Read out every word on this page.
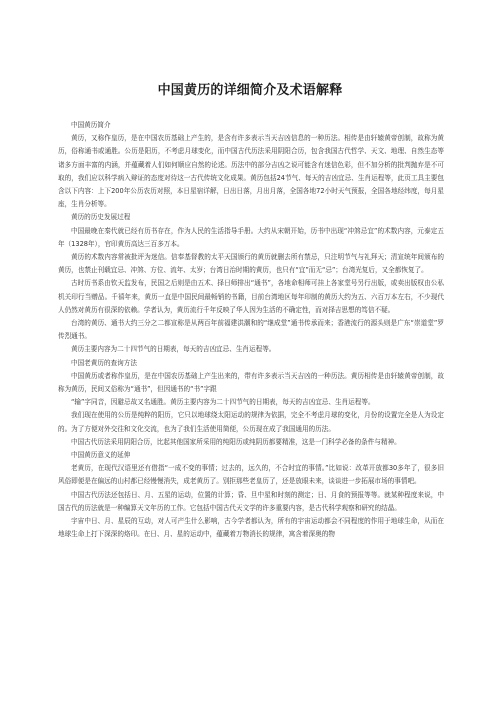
中国黄历的详细简介及术语解释

中国黄历简介

黄历，又称作皇历，是在中国农历基础上产生的，是含有许多表示当天吉凶信息的一种历法。相传是由轩辕黄帝创制，故称为黄历，俗称通书或通胜。公历是阳历，不考虑月球变化，而中国古代历法采用阴阳合历，包含我国古代哲学、天文、地理、自然生态等诸多方面丰富的内涵，并蕴藏着人们如何顺应自然的论述。历法中的部分吉凶之说可能含有迷信色彩，但不加分析的批判抛弃是不可取的，我们应以科学病入辩证的态度对待这一古代传统文化成果。黄历包括24节气、每天的吉凶宜忌、生肖运程等，此页工具主要包含以下内容：上下200年公历农历对照，本日星宿详解，日出日落，月出月落，全国各地72小时天气预报，全国各地经纬度，每月星座，生肖分析等。

黄历的历史发展过程

中国最晚在秦代就已经有历书存在，作为人民的生活指导手册。大约从宋朝开始，历书中出现“冲煞忌宜”的术数内容，元泰定五年（1328年），官印黄历高达三百多万本。

黄历的术数内容常被批评为迷信。信奉基督教的太平天国颁行的黄历就删去所有禁忌，只注明节气与礼拜天；清宣统年间颁布的黄历，也禁止刊载宜忌、冲煞、方位、流年、太岁；台湾日治时期的黄历，也只有“宜”而无“忌”；台湾光复后，又全都恢复了。

古时历书系由钦天监发布，民国之后则是由五术、择日师排出“通书”，各地命相师可挂上各家堂号另行出版，或卖出版权由公私机关印行当赠品。千禧年来，黄历一直是中国民间最畅销的书籍，目前台湾地区每年印制的黄历大约为五、六百万本左右，不少现代人仍然对黄历有很深的依赖。学者认为，黄历流行千年反映了华人因为生活的不确定性，而对择吉思想的笃信不疑。

台湾的黄历、通书大约三分之二都宣称是从两百年前福建洪潮和的“继成堂”通书传承而来；香港流行的源头则是广东“崇道堂”罗传烈通书。

黄历主要内容为二十四节气的日期表，每天的吉凶宜忌、生肖运程等。

中国老黄历的查询方法

中国黄历或者称作皇历，是在中国农历基础上产生出来的，带有许多表示当天吉凶的一种历法。黄历相传是由轩辕黄帝创制，故称为黄历，民间又俗称为“通书”，但因通书的“书”字跟

“输”字同音，因避忌故又名通胜。黄历主要内容为二十四节气的日期表，每天的吉凶宜忌、生肖运程等。

我们现在使用的公历是纯粹的阳历，它只以地球绕太阳运动的规律为依据，完全不考虑月球的变化，月份的设置完全是人为设定的。为了方便对外交往和文化交流，也为了我们生活使用简便，公历现在成了我国通用的历法。

中国古代历法采用阴阳合历，比起其他国家所采用的纯阳历或纯阴历都要精准，这是一门科学必备的条件与精神。

中国黄历意义的延伸

老黄历，在现代汉语里还有借指“一成不变的事情；过去的，远久的，不合时宜的事情。”比如说：改革开放都30多年了，很多旧风俗即便是在偏远的山村都已经慢慢消失，成老黄历了。别拒那些老皇历了，还是放眼未来，谈谈进一步拓展市场的事情吧。

中国古代历法还包括日、月、五星的运动，位置的计算；昏、旦中星和时刻的测定；日、月食的预报等等。就某种程度来说，中国古代的历法就是一种编算天文年历的工作。它包括中国古代天文学的许多重要内容，是古代科学观察和研究的结晶。

宇宙中日、月、星辰的互动，对人可产生什么影响，古今学者都认为，所有的宇宙运动都会不同程度的作用于地球生命，从而在地球生命上打下深深的烙印。在日、月、星的运动中，蕴藏着万物消长的规律，寓含着深奥的物
